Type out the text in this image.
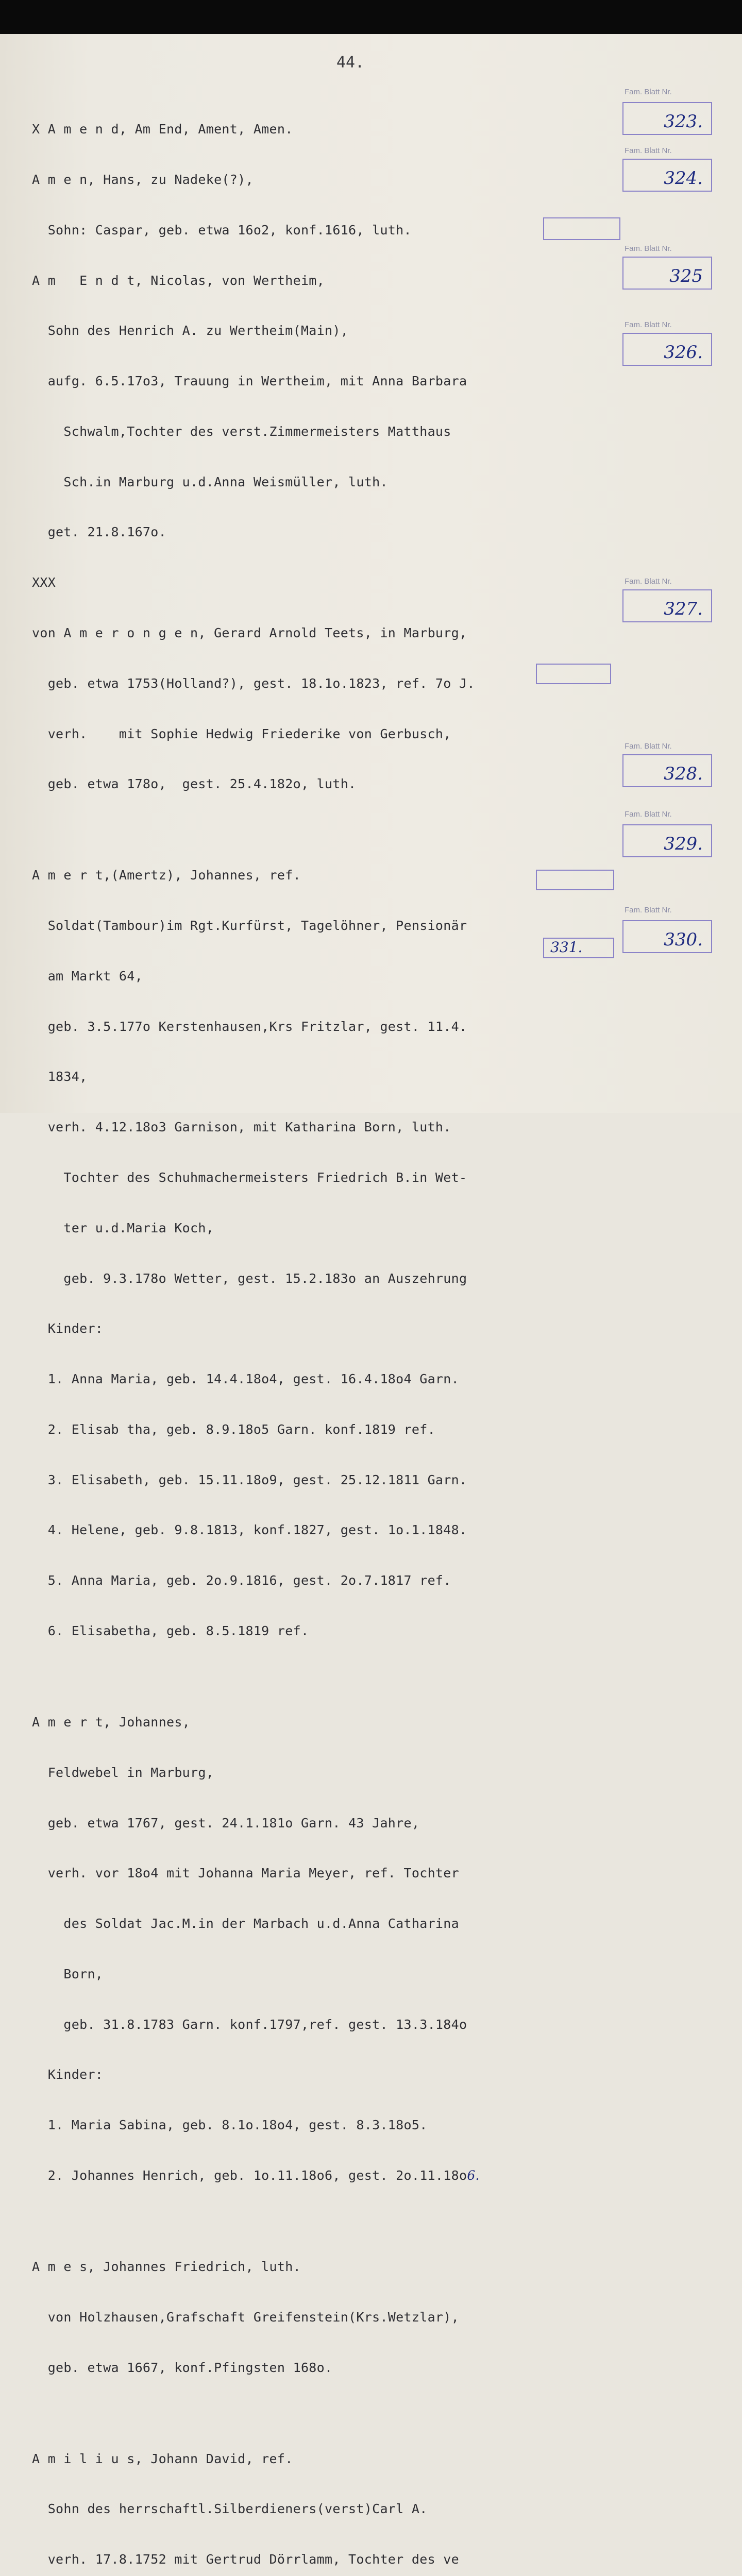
44.

X A m e n d, Am End, Ament, Amen.

A m e n, Hans, zu Nadeke(?),

Sohn: Caspar, geb. etwa 16o2, konf.1616, luth.

A m   E n d t, Nicolas, von Wertheim,

Sohn des Henrich A. zu Wertheim(Main),

aufg. 6.5.17o3, Trauung in Wertheim, mit Anna Barbara

Schwalm,Tochter des verst.Zimmermeisters Matthaus

Sch.in Marburg u.d.Anna Weismüller, luth.

get. 21.8.167o.

XXX

von A m e r o n g e n, Gerard Arnold Teets, in Marburg,

geb. etwa 1753(Holland?), gest. 18.1o.1823, ref. 7o J.

verh.    mit Sophie Hedwig Friederike von Gerbusch,

geb. etwa 178o,  gest. 25.4.182o, luth.

A m e r t,(Amertz), Johannes, ref.

Soldat(Tambour)im Rgt.Kurfürst, Tagelöhner, Pensionär

am Markt 64,

geb. 3.5.177o Kerstenhausen,Krs Fritzlar, gest. 11.4.

1834,

verh. 4.12.18o3 Garnison, mit Katharina Born, luth.

Tochter des Schuhmachermeisters Friedrich B.in Wet-

ter u.d.Maria Koch,

geb. 9.3.178o Wetter, gest. 15.2.183o an Auszehrung

Kinder:

1. Anna Maria, geb. 14.4.18o4, gest. 16.4.18o4 Garn.

2. Elisab tha, geb. 8.9.18o5 Garn. konf.1819 ref.

3. Elisabeth, geb. 15.11.18o9, gest. 25.12.1811 Garn.

4. Helene, geb. 9.8.1813, konf.1827, gest. 1o.1.1848.

5. Anna Maria, geb. 2o.9.1816, gest. 2o.7.1817 ref.

6. Elisabetha, geb. 8.5.1819 ref.

A m e r t, Johannes,

Feldwebel in Marburg,

geb. etwa 1767, gest. 24.1.181o Garn. 43 Jahre,

verh. vor 18o4 mit Johanna Maria Meyer, ref. Tochter

des Soldat Jac.M.in der Marbach u.d.Anna Catharina

Born,

geb. 31.8.1783 Garn. konf.1797,ref. gest. 13.3.184o

Kinder:

1. Maria Sabina, geb. 8.1o.18o4, gest. 8.3.18o5.

2. Johannes Henrich, geb. 1o.11.18o6, gest. 2o.11.18o6.

A m e s, Johannes Friedrich, luth.

von Holzhausen,Grafschaft Greifenstein(Krs.Wetzlar),

geb. etwa 1667, konf.Pfingsten 168o.

A m i l i u s, Johann David, ref.

Sohn des herrschaftl.Silberdieners(verst)Carl A.

verh. 17.8.1752 mit Gertrud Dörrlamm, Tochter des ve

Fam. Blatt Nr.
323.
Fam. Blatt Nr.
324.
Fam. Blatt Nr.
325
Fam. Blatt Nr.
326.
Fam. Blatt Nr.
327.
Fam. Blatt Nr.
328.
Fam. Blatt Nr.
329.
Fam. Blatt Nr.
330.
331.
